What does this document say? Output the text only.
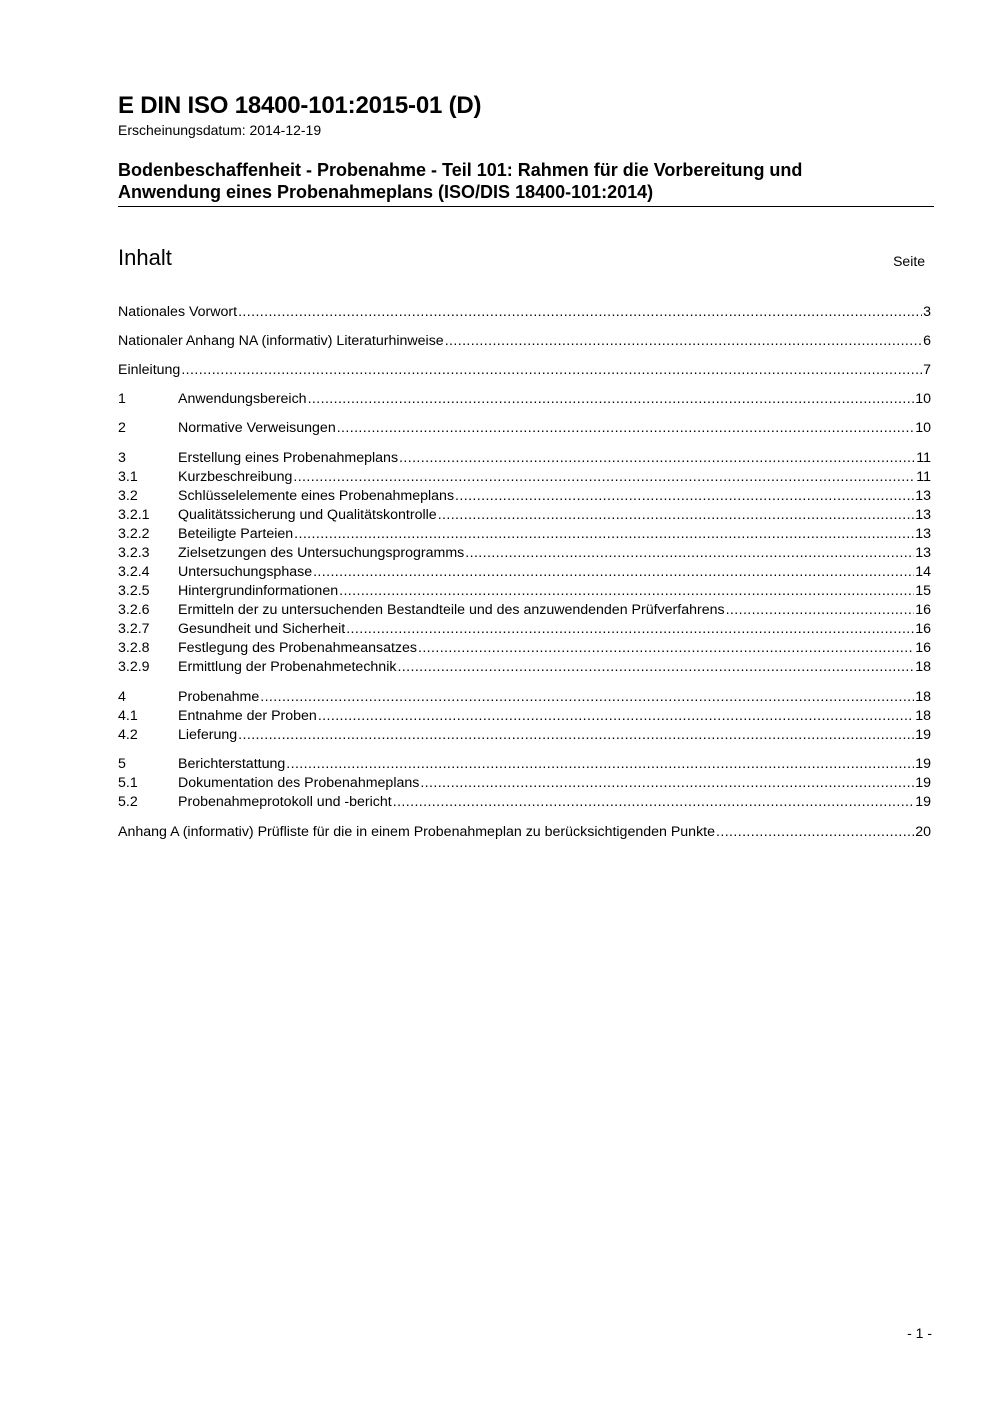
E DIN ISO 18400-101:2015-01 (D)
Erscheinungsdatum: 2014-12-19
Bodenbeschaffenheit - Probenahme - Teil 101: Rahmen für die Vorbereitung und
Anwendung eines Probenahmeplans (ISO/DIS 18400-101:2014)
Inhalt	Seite
Nationales Vorwort .....	3
Nationaler Anhang NA (informativ) Literaturhinweise .....	6
Einleitung .....	7
1	Anwendungsbereich .....	10
2	Normative Verweisungen .....	10
3	Erstellung eines Probenahmeplans .....	11
3.1	Kurzbeschreibung .....	11
3.2	Schlüsselelemente eines Probenahmeplans .....	13
3.2.1	Qualitätssicherung und Qualitätskontrolle .....	13
3.2.2	Beteiligte Parteien .....	13
3.2.3	Zielsetzungen des Untersuchungsprogramms .....	13
3.2.4	Untersuchungsphase .....	14
3.2.5	Hintergrundinformationen .....	15
3.2.6	Ermitteln der zu untersuchenden Bestandteile und des anzuwendenden Prüfverfahrens .....	16
3.2.7	Gesundheit und Sicherheit .....	16
3.2.8	Festlegung des Probenahmeansatzes .....	16
3.2.9	Ermittlung der Probenahmetechnik .....	18
4	Probenahme .....	18
4.1	Entnahme der Proben .....	18
4.2	Lieferung .....	19
5	Berichterstattung .....	19
5.1	Dokumentation des Probenahmeplans .....	19
5.2	Probenahmeprotokoll und -bericht .....	19
Anhang A (informativ) Prüfliste für die in einem Probenahmeplan zu berücksichtigenden Punkte .....	20
- 1 -
